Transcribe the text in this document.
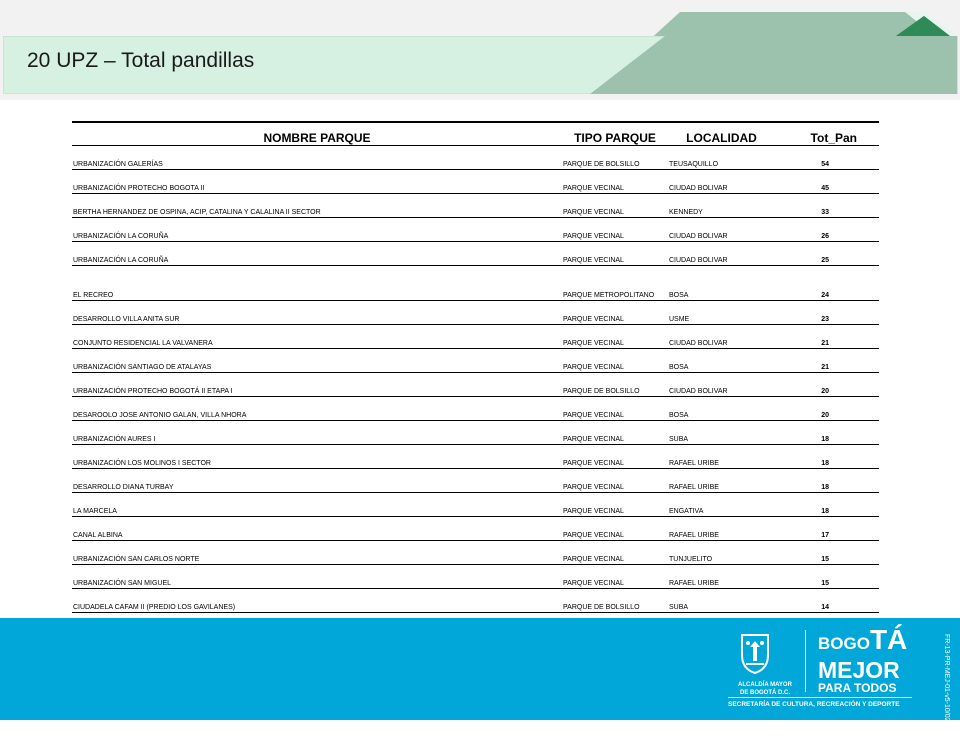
20 UPZ – Total pandillas
NOMBRE PARQUE	TIPO PARQUE	LOCALIDAD	Tot_Pan
URBANIZACIÓN GALERÍAS	PARQUE DE BOLSILLO	TEUSAQUILLO	54
URBANIZACIÓN PROTECHO BOGOTA II	PARQUE VECINAL	CIUDAD BOLIVAR	45
BERTHA HERNANDEZ DE OSPINA, ACIP, CATALINA Y CALALINA II SECTOR	PARQUE VECINAL	KENNEDY	33
URBANIZACIÓN LA CORUÑA	PARQUE VECINAL	CIUDAD BOLIVAR	26
URBANIZACIÓN LA CORUÑA	PARQUE VECINAL	CIUDAD BOLIVAR	25
EL RECREO	PARQUE METROPOLITANO	BOSA	24
DESARROLLO VILLA ANITA SUR	PARQUE VECINAL	USME	23
CONJUNTO RESIDENCIAL LA VALVANERA	PARQUE VECINAL	CIUDAD BOLIVAR	21
URBANIZACIÓN SANTIAGO DE ATALAYAS	PARQUE VECINAL	BOSA	21
URBANIZACIÓN PROTECHO BOGOTÁ II ETAPA I	PARQUE DE BOLSILLO	CIUDAD BOLIVAR	20
DESAROOLO JOSE ANTONIO GALAN, VILLA NHORA	PARQUE VECINAL	BOSA	20
URBANIZACIÓN AURES I	PARQUE VECINAL	SUBA	18
URBANIZACIÓN LOS MOLINOS I SECTOR	PARQUE VECINAL	RAFAEL URIBE	18
DESARROLLO DIANA TURBAY	PARQUE VECINAL	RAFAEL URIBE	18
LA MARCELA	PARQUE VECINAL	ENGATIVA	18
CANAL ALBINA	PARQUE VECINAL	RAFAEL URIBE	17
URBANIZACIÓN SAN CARLOS NORTE	PARQUE VECINAL	TUNJUELITO	15
URBANIZACIÓN SAN MIGUEL	PARQUE VECINAL	RAFAEL URIBE	15
CIUDADELA CAFAM II (PREDIO LOS GAVILANES)	PARQUE DE BOLSILLO	SUBA	14
ALCALDÍA MAYOR
DE BOGOTÁ D.C.
BOGOTÁ
MEJOR
PARA TODOS
SECRETARÍA DE CULTURA, RECREACIÓN Y DEPORTE	FR-13-PR-MEJ-01-v5-10/02/2016
